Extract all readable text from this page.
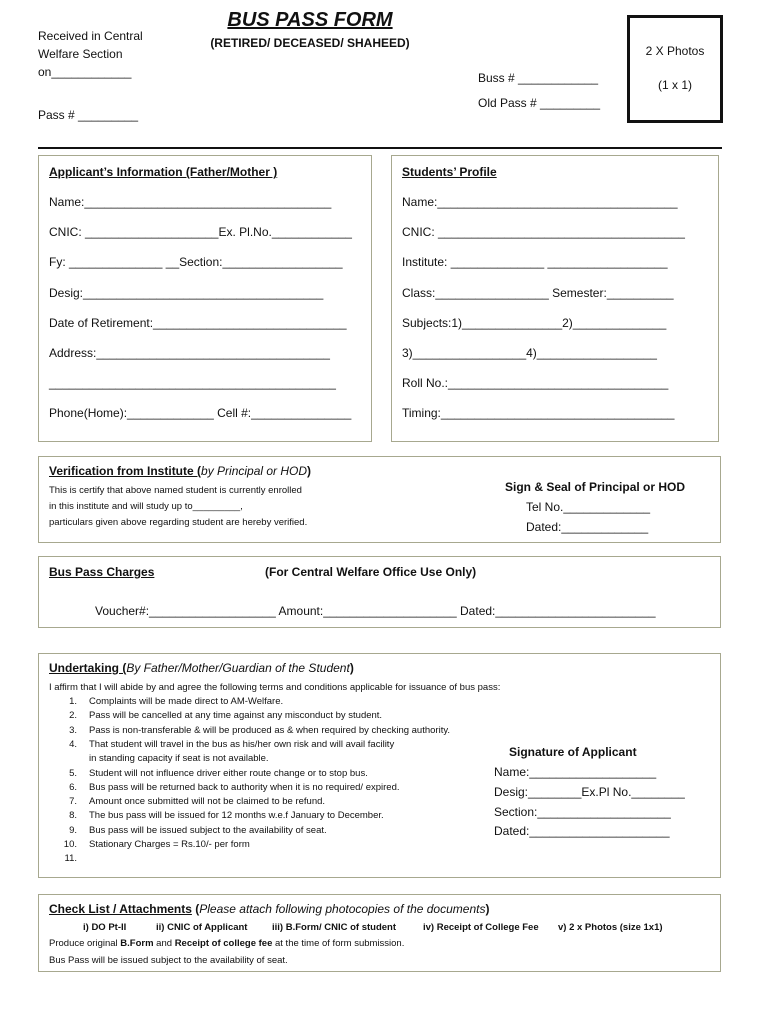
Received in Central
Welfare Section
on____________
Pass # _________
BUS PASS FORM
(RETIRED/ DECEASED/ SHAHEED)
Buss # ____________
Old Pass # _________
2 X Photos
(1 x 1)
Applicant’s Information (Father/Mother )
Name:_____________________________________
CNIC: ____________________Ex. Pl.No.____________
Fy: ______________ __Section:__________________
Desig:____________________________________
Date of Retirement:_____________________________
Address:___________________________________
___________________________________________
Phone(Home):_____________ Cell #:_______________
Students’ Profile
Name:____________________________________
CNIC: _____________________________________
Institute: ______________ __________________
Class:_________________ Semester:__________
Subjects:1)_______________2)______________
3)_________________4)__________________
Roll No.:_________________________________
Timing:___________________________________
Verification from Institute (by Principal or HOD)
This is certify that above named student is currently enrolled
in this institute and will study up to_________,
particulars given above regarding student are hereby verified.
Sign & Seal of Principal or HOD
Tel No._____________
Dated:_____________
Bus Pass Charges	(For Central Welfare Office Use Only)
Voucher#:___________________ Amount:____________________ Dated:________________________
Undertaking (By Father/Mother/Guardian of the Student)
I affirm that I will abide by and agree the following terms and conditions applicable for issuance of bus pass:
1. Complaints will be made direct to AM-Welfare.
2. Pass will be cancelled at any time against any misconduct by student.
3. Pass is non-transferable & will be produced as & when required by checking authority.
4. That student will travel in the bus as his/her own risk and will avail facility
in standing capacity if seat is not available.
5. Student will not influence driver either route change or to stop bus.
6. Bus pass will be returned back to authority when it is no required/ expired.
7. Amount once submitted will not be claimed to be refund.
8. The bus pass will be issued for 12 months w.e.f January to December.
9. Bus pass will be issued subject to the availability of seat.
10. Stationary Charges = Rs.10/- per form
11.
Signature of Applicant
Name:___________________
Desig:________Ex.Pl No.________
Section:____________________
Dated:_____________________
Check List / Attachments (Please attach following photocopies of the documents)
i) DO Pt-II	ii) CNIC of Applicant	iii) B.Form/ CNIC of student	iv) Receipt of College Fee v) 2 x Photos (size 1x1)
Produce original B.Form and Receipt of college fee at the time of form submission.
Bus Pass will be issued subject to the availability of seat.
